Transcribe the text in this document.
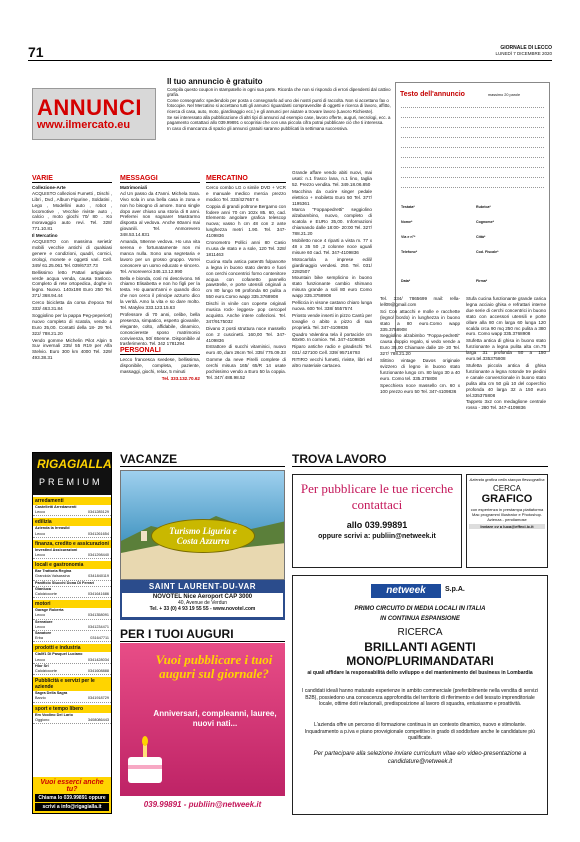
71	GIORNALE DI LECCO
LUNEDÌ 7 DICEMBRE 2020
ANNUNCI
www.ilmercato.eu
Il tuo annuncio è gratuito

Compila questo coupon in stampatello in ogni sua parte. Ricorda che non si rispondo di errori dipendenti dal cattivo grafia.

Come consegnarlo: spedendolo per posta o consegnarlo ad uno dei nostri punti di raccolta. Non si accettano fax o fotocopie. Nel Mercatino si accettano tutti gli annunci riguardanti compravendite di oggetti e ricerca di lavoro, affitto, ricerca di casa, auto, moto, giardinaggio ecc.) e gli annunci per aiutare a trovare lavoro (Lavoro Richieste).

Se sei interessato alla pubblicazione di altri tipi di annunci ad esempio case, lavoro offerte, auguri, necrologi, ecc. a pagamento contattaci allo 039.99891 o scopririai che con una piccola cifra potrai pubblicare ciò che ti interessa.

In caso di mancanza di spazio gli annunci gratuiti saranno pubblicati la settimana successiva.

Testo dell'annuncio	massimo 20 parole
Testata*	Rubrica*
Nome*	Cognome*
Via e n°*	Città*
Telefono*	Cod. Fiscale*
Data*	Firma*
VARIE
Collezione-Arte

ACQUISTO collezioni Fumetti , Dischi , Libri , Dvd , Album Figurine , Soldatini , Lego , Modellini auto , robot , locomotive , Vecchie riviste auto , calcio , moto giochi 70/ 80 . Ko moravaggio auto revi. Tel. 328/ 771.10.81

Il Mercatino

ACQUISTO con massima serietà' mobili vecchie antichi di qualsiasi genere e condizioni, quadri, cornici, orologi, monete e oggetti vari. Cell. 349/ 61.25.061 Tel. 039/6737.73

Bellissimo letto Pattari artigianale verde acqua venda, causa trasloco. Completo di rete ortopedica, doghe in legno. Nuovo. 140x198 Euro 250 Tel. 371/ 368.94.44

Cerco bicicletta da corsa d'epoca Tel 333/ 463.31.84

Soggiolino per la pappa Peg-peperiort) nuovo completo di scatola, vendo a Euro 35,00. Contatti della 18- 29 Tel. 322/ 788.21.20

Vendo gomme Michelin Pilot Alpin 5 Suv invernali 235/ 55 R19 per Alfa Stelvio. Euro 300 km 4000 Tel. 329/ 493.38.31

MESSAGGI
Matrimoniali

Ad Un passo da 47anni. Michela Sara. Vivo sola in una bella casa in zona e non ho bisogno di amore. Sono single dopo aver chiuso una storia di 8 anni. Preferrei non sognare! Mastrarmo disposta al vedova. Anche 60anni mai giovanili. Tel. Anmorevero 348.53.14.831

Amanda, 58enne vedova. Ho una vita serena e fortunatamente non mi manca nulla. Sono una segretaria e lavoro per un grosso gruppo. Vorrei conoscere un uomo educato e sincero. Tel. Amoreveroi 346.13.12.990

Bella e bionda, così mi descrivono. Mi chiamo Elisabetta e non ho figli per la testa. Ho quarant'anni e quando dico che non cerco il principe azzurro dico la verità. Amo la vita e so dare molto. Tel. Matylex 333.123.15.63

Professore di 70 anni, celibe, bella presenza, simpatico, esperto giovanile, elegante, colto, affidabile, dinamico, conosciereste sposo matrimonio convivenza, 50/ 65enne. Disponibile al trasferimento. Tel. 342 1781294

PERSONALI

Lecco francesca svedese, bellissima, disponibile, completa, paziente, massaggi, giochi, relax, 5 minuti

Tel. 333.132.70.62

MERCATINO

Cerco combo LG o simile DVD + VCR e manuale medico mercia prezzo modico Tel. 333/427657 6

Coppia di grandi poltrone Bergamo con fodere anni 70 cm 102x 85. 60, cad. Elemento angolare grafica telescop nuova; vasso h cm 48 con 2 ante lunghezza metri 1.90. Tel. 347-4109836

Cronometro Pollici anni 80 Casio m.usa de stato e a sole, 120 Tel. 328/ 1811463

Cucina stufa antica patent5 fulpanorte a legna in buono stato dentro e fuori con cerchi concentrici forno contenitore acqua con cofanetto pannello pawstrelle, e porte utensili originali a cm 80 lungo 98 profonda 60 pulita a 550 euro.Como wapp 335.3768908

Dischi in vinile con coperte originali musica rock- leggera- pop cercopel acquisto. Anche intere collezioni. Tel. 347/9175032

Divano 2 posti struttura noce massello con 2 cuscinetti. 160,00 Tel. 347-4109836

Estrattore di succhi vitaminici, nuovo euro 40, dam 26cm Tel. 335/ 775.09.33

Gomme da neve Pirelli complete di cerchi misura 165/ 65/R 14 usate pochissimo vendo a Euro 50 la coppia. Tel. 347/ 488.98.52

Grande affare vendo abiti nuovi, mai usati: n.1 frasco lana, n.1 lino, taglia 52. Prezzo vendita. Tel. 349.18.06.850

Macchina da cucire singer pedale elettrico + mobiletto Euro 50 Tel. 377/ 1195361

Marca "Foppapedretti" seggiolino alzabambino, nuovo, completo di scatola e EURo 35,00. Informazioni chiamando dalle 18:00- 20:00 Tel. 327/ 788.21.20

Mobiletto noce 4 riparti a vista m. 77 x 48 x 35 50 ,2 colonne noce uguali misure 60 cad. Tel. 347-4109836

Motocarlola a imprese edili/ giardinaggio vendesi. 250. Tel. 031/ 2282507

Mountain bike semplicino in buono stato funzionante cambio shimano misura grande a soli 80 euro Como wapp 335.3758908

Pelliccia in visone castano chiaro lunga nuova. 600 Tel. 338/ 5557574

Priosto vende inserti in pizzo Cantù per tovaglie o abito a pizzo di sua proprietà. Tel. 347-4109836

Quadro Valentina tela il portacicle cm 60x90. In cornice. Tel. 347-4109836

Riparo antiche radio e giradischi Tel. 031/ 427100 Cell. 339/ 95716793

RITIRO vecchi fumetti, riviste, libri ed altro materiale cartaceo.

Tel. 334/ 7865699 mail: rella-lell09@gmail.com

Sci Con attacchi e molle e racchette (legno/ bordo) in lunghezza in buono stato a 80 euro.Como wapp 335.3758908

Seggiolino alzabimbo "Foppa-pedretti" causa doppio regalo, si vedo vende a Euro 35,00 Chiamare dalle 18- 20 Tel. 327/ 788.21.20

Slittino vintage Davos originale svizzero di legno in buono stato funzionante lungo cm. 80 largo 30 a 40 euro. Como tel. 335.375808

Specchiera noce massello cm. 60 x 100 prezzo euro 50 Tel. 347-4109836

Stufa cucina funzionante grande carica legna acciaio ghisa e refrattari interne due serie di cerchi concentrici in buono stato con accessori utensili e porte ollare alla 80 cm larga 60 lunga 120 scalda crca 90 mq 250 mc pulita a 380 euro. Como wapp 335.3768908

Stufetta antica di ghisa in buono stato funzionante a legna pulita alta cm.75 larga 31 profonda 50 a 150 euro.tel.335375808

Stufetta piccola antica di ghisa funzionante a legna rotonde tre piedini e canale convenzionale in buono stato pulita alta cm 50 giù 10 del coperchio profonda 40 larga 32 a 150 euro tel.335375808

Tappeto 3x2 con medaglione centrale rosso - 280 Tel. 347-4109836

RIGAGIALLA
PREMIUM
arredamenti
Castelletti Arredamenti
Lecco	0341285129
edilizia
Azienda la Irreasild
Lecco	0341261654
finanza, credito e assicurazioni
Investind Assicurazioni
Lecco	0341298440
locali e gastronomia
Bar Trattoria Regina
Grandola Valsassina	0341840119
Panificio Stucchi Dona Di Ferrari
Gianluca
Calolziocorte	0341641686
motori
Garage Roberta
Lecco	0341358091
Sereatore
Lecco	0341234471
Sanatore
Erba	031647711
prodotti e industria
Cia0f1 Di Pasquel Luciano
Lecco	0341428034
Hlor Srl
Calolziocorte	0341608888
Pubblicità e servizi per le aziende
Sagra Della Sagra
Barzio	0341918729
sport e tempo libero
Em Voolino Del Lario
Oggiono	3408086443
Vuoi esserci anche tu?
Chiama lo 039.99891 oppure
scrivi a info@rigagialla.it
VACANZE
Turismo Liguria e
Costa Azzurra
SAINT LAURENT-DU-VAR
NOVOTEL Nice Aeroport CAP 3000
40, Avenue de Verdun
Tel. + 33 (0) 4 93 19 55 55 - www.novotel.com
PER I TUOI AUGURI
Vuoi pubblicare i tuoi auguri sul giornale?
Anniversari, compleanni, lauree, nuovi nati...
039.99891 - publiin@netweek.it
TROVA LAVORO
Per pubblicare le tue ricerche contattaci
allo 039.99891
oppure scrivi a: publiin@netweek.it
Azienda grafica nella stampa flessografica
CERCA
GRAFICO
con esperienza in prestampa piattaforma Mac programmi Illustrator e Photoshop. Azienza - pendiamose
Inviare cv a luca@effeci.ic.it
netweek	S.p.A.
PRIMO CIRCUITO DI MEDIA LOCALI IN ITALIA
IN CONTINUA ESPANSIONE
RICERCA
BRILLANTI AGENTI MONO/PLURIMANDATARI
ai quali affidare la responsabilità dello sviluppo e del mantenimento del business in Lombardia
I candidati ideali hanno maturato esperienze in ambito commerciale (preferibilmente nella vendita di servizi B2B), possiedono una conoscenza approfondita del territorio di riferimento e dell tessuto imprenditoriale locale, ottime doti relazionali, predisposizione al lavoro di squadra, entusiasmo e proattività.
L'azienda offre un percorso di formazione continua in un contesto dinamico, nuovo e stimolante. Inquadramento a p.iva e piano provvigionale competitivo in grado di soddisfare anche le candidature più qualificate.
Per partecipare alla selezione inviare curriculum vitae e/o video-presentazione a candidature@netweek.it
